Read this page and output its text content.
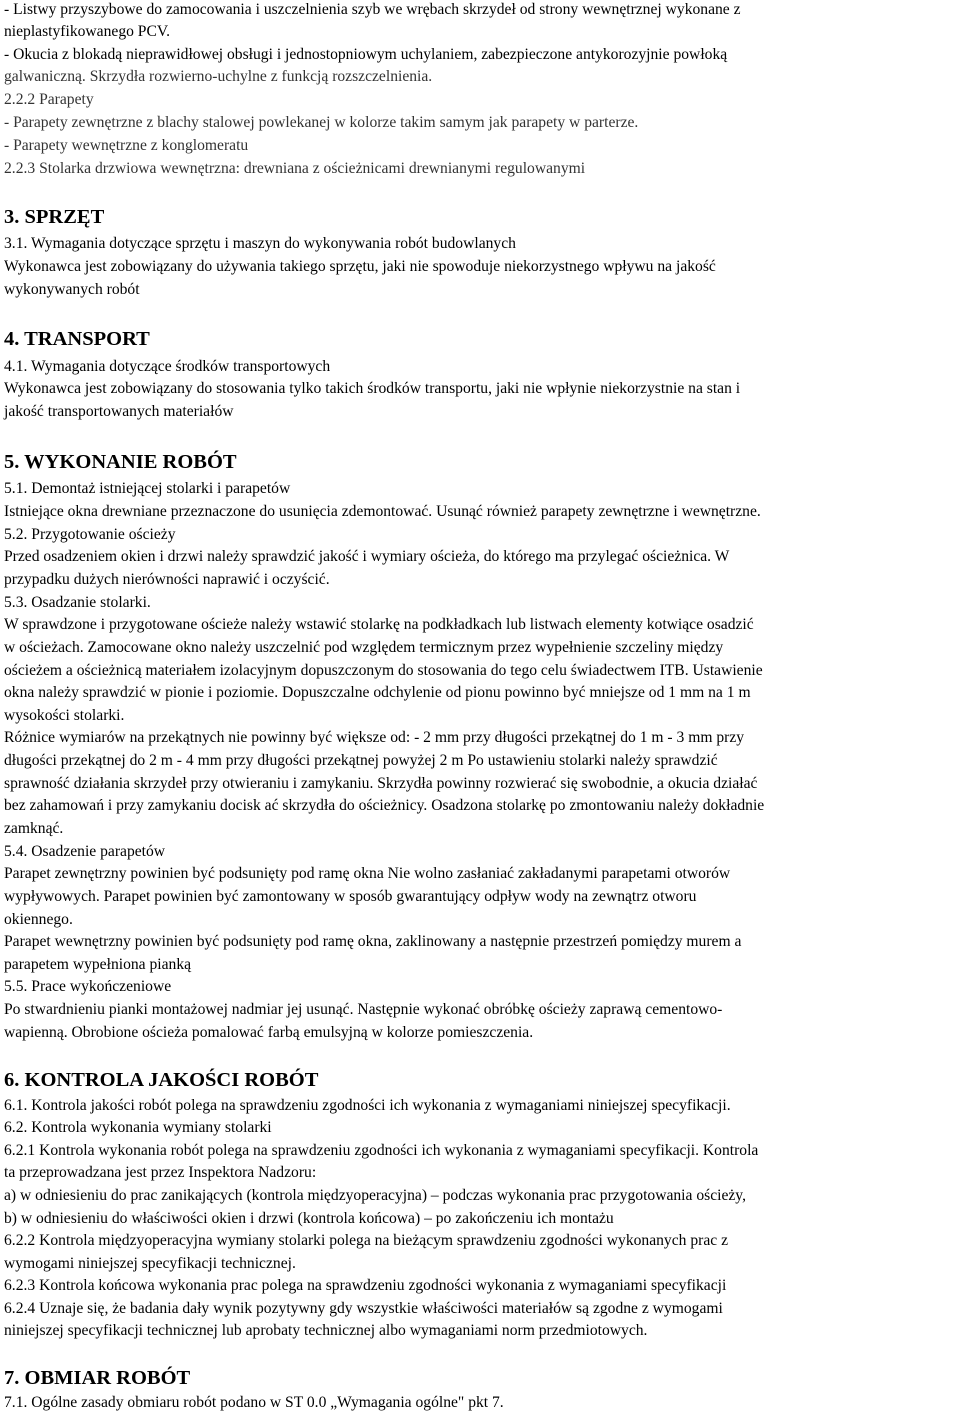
- Listwy przyszybowe do zamocowania i uszczelnienia szyb we wrębach skrzydeł od strony wewnętrznej wykonane z

nieplastyfikowanego PCV.

- Okucia z blokadą nieprawidłowej obsługi i jednostopniowym uchylaniem, zabezpieczone antykorozyjnie powłoką

galwaniczną. Skrzydła rozwierno-uchylne z funkcją rozszczelnienia.

2.2.2 Parapety

- Parapety zewnętrzne z blachy stalowej powlekanej w kolorze takim samym jak parapety w parterze.

- Parapety wewnętrzne z konglomeratu

2.2.3 Stolarka drzwiowa wewnętrzna: drewniana z ościeżnicami drewnianymi regulowanymi

3. SPRZĘT

3.1. Wymagania dotyczące sprzętu i maszyn do wykonywania robót budowlanych

Wykonawca jest zobowiązany do używania takiego sprzętu, jaki nie spowoduje niekorzystnego wpływu na jakość

wykonywanych robót

4. TRANSPORT

4.1. Wymagania dotyczące środków transportowych

Wykonawca jest zobowiązany do stosowania tylko takich środków transportu, jaki nie wpłynie niekorzystnie na stan i

jakość transportowanych materiałów

5. WYKONANIE ROBÓT

5.1. Demontaż istniejącej stolarki i parapetów

Istniejące okna drewniane przeznaczone do usunięcia zdemontować. Usunąć również parapety zewnętrzne i wewnętrzne.

5.2. Przygotowanie ościeży

Przed osadzeniem okien i drzwi należy sprawdzić jakość i wymiary ościeża, do którego ma przylegać ościeżnica. W

przypadku dużych nierówności naprawić i oczyścić.

5.3. Osadzanie stolarki.

W sprawdzone i przygotowane ościeże należy wstawić stolarkę na podkładkach lub listwach elementy kotwiące osadzić

w ościeżach. Zamocowane okno należy uszczelnić pod względem termicznym przez wypełnienie szczeliny między

ościeżem a ościeżnicą materiałem izolacyjnym dopuszczonym do stosowania do tego celu świadectwem ITB. Ustawienie

okna należy sprawdzić w pionie i poziomie. Dopuszczalne odchylenie od pionu powinno być mniejsze od 1 mm na 1 m

wysokości stolarki.

Różnice wymiarów na przekątnych nie powinny być większe od: - 2 mm przy długości przekątnej do 1 m - 3 mm przy

długości przekątnej do 2 m - 4 mm przy długości przekątnej powyżej 2 m Po ustawieniu stolarki należy sprawdzić

sprawność działania skrzydeł przy otwieraniu i zamykaniu. Skrzydła powinny rozwierać się swobodnie, a okucia działać

bez zahamowań i przy zamykaniu docisk ać skrzydła do ościeżnicy. Osadzona stolarkę po zmontowaniu należy dokładnie

zamknąć.

5.4. Osadzenie parapetów

Parapet zewnętrzny powinien być podsunięty pod ramę okna Nie wolno zasłaniać zakładanymi parapetami otworów

wypływowych. Parapet powinien być zamontowany w sposób gwarantujący odpływ wody na zewnątrz otworu

okiennego.

Parapet wewnętrzny powinien być podsunięty pod ramę okna, zaklinowany a następnie przestrzeń pomiędzy murem a

parapetem wypełniona pianką

5.5. Prace wykończeniowe

Po stwardnieniu pianki montażowej nadmiar jej usunąć. Następnie wykonać obróbkę ościeży zaprawą cementowo-

wapienną. Obrobione ościeża pomalować farbą emulsyjną w kolorze pomieszczenia.

6. KONTROLA JAKOŚCI ROBÓT

6.1. Kontrola jakości robót polega na sprawdzeniu zgodności ich wykonania z wymaganiami niniejszej specyfikacji.

6.2. Kontrola wykonania wymiany stolarki

6.2.1 Kontrola wykonania robót polega na sprawdzeniu zgodności ich wykonania z wymaganiami specyfikacji. Kontrola

ta przeprowadzana jest przez Inspektora Nadzoru:

a) w odniesieniu do prac zanikających (kontrola międzyoperacyjna) – podczas wykonania prac przygotowania ościeży,

b) w odniesieniu do właściwości okien i drzwi (kontrola końcowa) – po zakończeniu ich montażu

6.2.2 Kontrola międzyoperacyjna wymiany stolarki polega na bieżącym sprawdzeniu zgodności wykonanych prac z

wymogami niniejszej specyfikacji technicznej.

6.2.3 Kontrola końcowa wykonania prac polega na sprawdzeniu zgodności wykonania z wymaganiami specyfikacji

6.2.4 Uznaje się, że badania dały wynik pozytywny gdy wszystkie właściwości materiałów są zgodne z wymogami

niniejszej specyfikacji technicznej lub aprobaty technicznej albo wymaganiami norm przedmiotowych.

7. OBMIAR ROBÓT

7.1. Ogólne zasady obmiaru robót podano w ST 0.0 „Wymagania ogólne" pkt 7.
